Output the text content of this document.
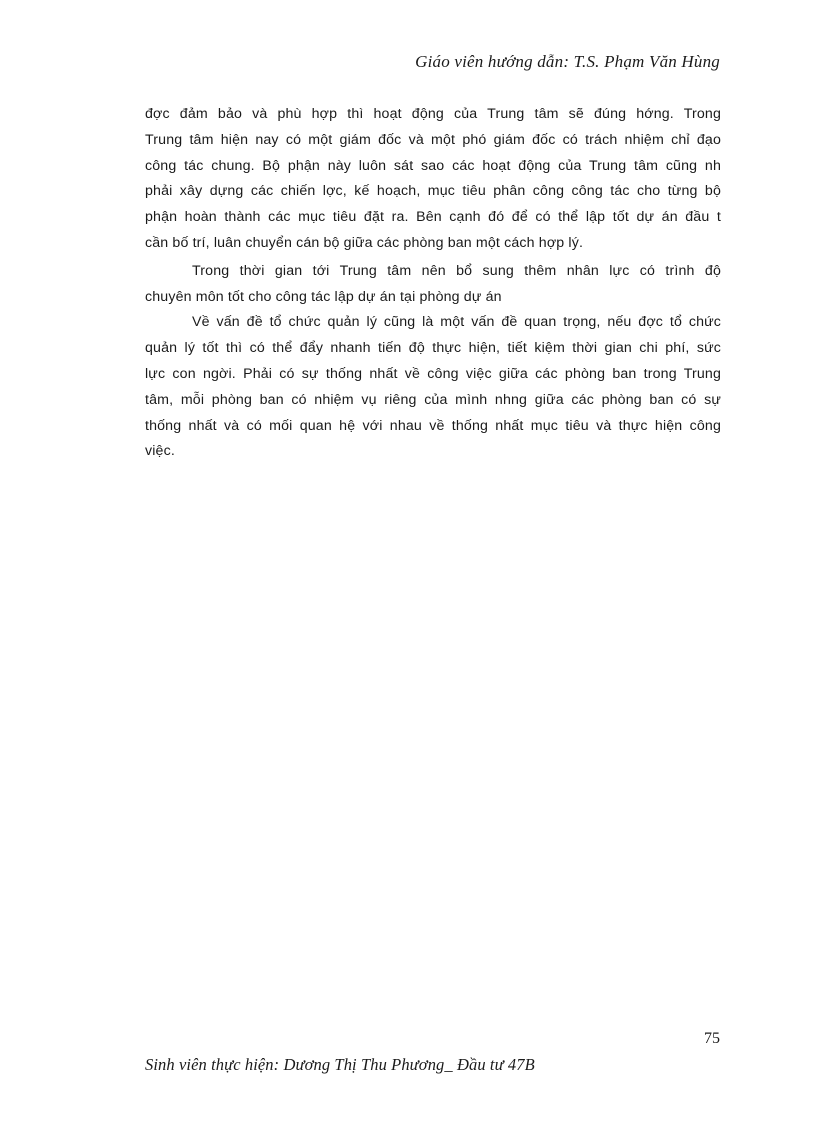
Giáo viên hướng dẫn: T.S. Phạm Văn Hùng

đợc đảm bảo và phù hợp thì hoạt động của Trung tâm sẽ đúng hớng. Trong
Trung tâm hiện nay có một giám đốc và một phó giám đốc có trách nhiệm chỉ đạo
công tác chung. Bộ phận này luôn sát sao các hoạt động của Trung tâm cũng nh
phải xây dựng các chiến lợc, kế hoạch, mục tiêu phân công công tác cho từng bộ
phận hoàn thành các mục tiêu đặt ra. Bên cạnh đó để có thể lập tốt dự án đầu t
cần bố trí, luân chuyển cán bộ giữa các phòng ban một cách hợp lý.

Trong thời gian tới Trung tâm nên bổ sung thêm nhân lực có trình độ
chuyên môn tốt cho công tác lập dự án tại phòng dự án

Về vấn đề tổ chức quản lý cũng là một vấn đề quan trọng, nếu đợc tổ chức
quản lý tốt thì có thể đẩy nhanh tiến độ thực hiện, tiết kiệm thời gian chi phí, sức
lực con ngời. Phải có sự thống nhất về công việc giữa các phòng ban trong Trung
tâm, mỗi phòng ban có nhiệm vụ riêng của mình nhng giữa các phòng ban có sự
thống nhất và có mối quan hệ với nhau về thống nhất mục tiêu và thực hiện công
việc.

75
Sinh viên thực hiện: Dương Thị Thu Phương_ Đầu tư 47B
